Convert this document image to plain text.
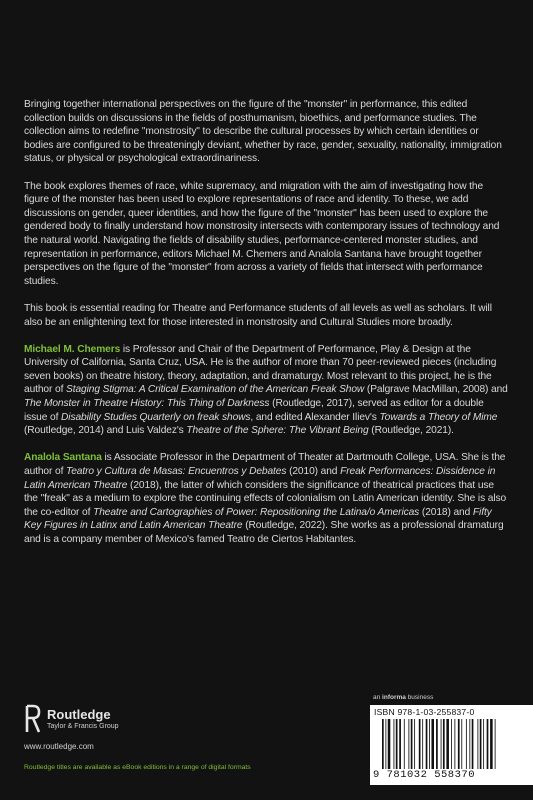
Bringing together international perspectives on the figure of the "monster" in performance, this edited collection builds on discussions in the fields of posthumanism, bioethics, and performance studies. The collection aims to redefine "monstrosity" to describe the cultural processes by which certain identities or bodies are configured to be threateningly deviant, whether by race, gender, sexuality, nationality, immigration status, or physical or psychological extraordinariness.

The book explores themes of race, white supremacy, and migration with the aim of investigating how the figure of the monster has been used to explore representations of race and identity. To these, we add discussions on gender, queer identities, and how the figure of the "monster" has been used to explore the gendered body to finally understand how monstrosity intersects with contemporary issues of technology and the natural world. Navigating the fields of disability studies, performance-centered monster studies, and representation in performance, editors Michael M. Chemers and Analola Santana have brought together perspectives on the figure of the "monster" from across a variety of fields that intersect with performance studies.

This book is essential reading for Theatre and Performance students of all levels as well as scholars. It will also be an enlightening text for those interested in monstrosity and Cultural Studies more broadly.

Michael M. Chemers is Professor and Chair of the Department of Performance, Play & Design at the University of California, Santa Cruz, USA. He is the author of more than 70 peer-reviewed pieces (including seven books) on theatre history, theory, adaptation, and dramaturgy. Most relevant to this project, he is the author of Staging Stigma: A Critical Examination of the American Freak Show (Palgrave MacMillan, 2008) and The Monster in Theatre History: This Thing of Darkness (Routledge, 2017), served as editor for a double issue of Disability Studies Quarterly on freak shows, and edited Alexander Iliev's Towards a Theory of Mime (Routledge, 2014) and Luis Valdez's Theatre of the Sphere: The Vibrant Being (Routledge, 2021).

Analola Santana is Associate Professor in the Department of Theater at Dartmouth College, USA. She is the author of Teatro y Cultura de Masas: Encuentros y Debates (2010) and Freak Performances: Dissidence in Latin American Theatre (2018), the latter of which considers the significance of theatrical practices that use the "freak" as a medium to explore the continuing effects of colonialism on Latin American identity. She is also the co-editor of Theatre and Cartographies of Power: Repositioning the Latina/o Americas (2018) and Fifty Key Figures in Latinx and Latin American Theatre (Routledge, 2022). She works as a professional dramaturg and is a company member of Mexico's famed Teatro de Ciertos Habitantes.

Routledge
Taylor & Francis Group
www.routledge.com
Routledge titles are available as eBook editions in a range of digital formats
an informa business
ISBN 978-1-03-255837-0
9 781032 558370
